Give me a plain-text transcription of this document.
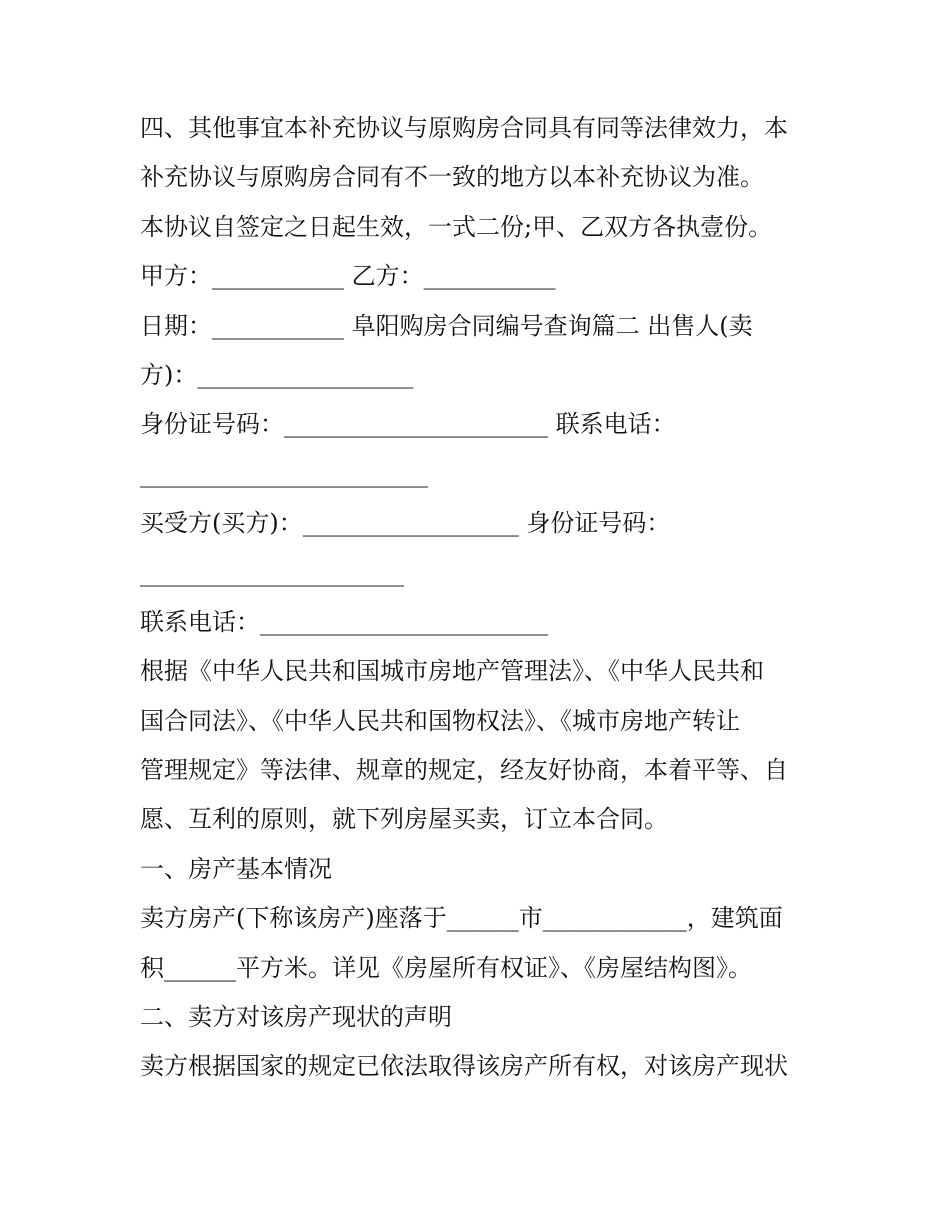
四、其他事宜本补充协议与原购房合同具有同等法律效力，本
补充协议与原购房合同有不一致的地方以本补充协议为准。
本协议自签定之日起生效，一式二份;甲、乙双方各执壹份。
甲方：___________ 乙方：___________
日期：___________ 阜阳购房合同编号查询篇二 出售人(卖
方)：__________________
身份证号码：______________________ 联系电话：
________________________
买受方(买方)：__________________ 身份证号码：
______________________
联系电话：________________________
根据《中华人民共和国城市房地产管理法》、《中华人民共和
国合同法》、《中华人民共和国物权法》、《城市房地产转让
管理规定》等法律、规章的规定，经友好协商，本着平等、自
愿、互利的原则，就下列房屋买卖，订立本合同。
一、房产基本情况
卖方房产(下称该房产)座落于______市____________，建筑面
积______平方米。详见《房屋所有权证》、《房屋结构图》。
二、卖方对该房产现状的声明
卖方根据国家的规定已依法取得该房产所有权，对该房产现状
